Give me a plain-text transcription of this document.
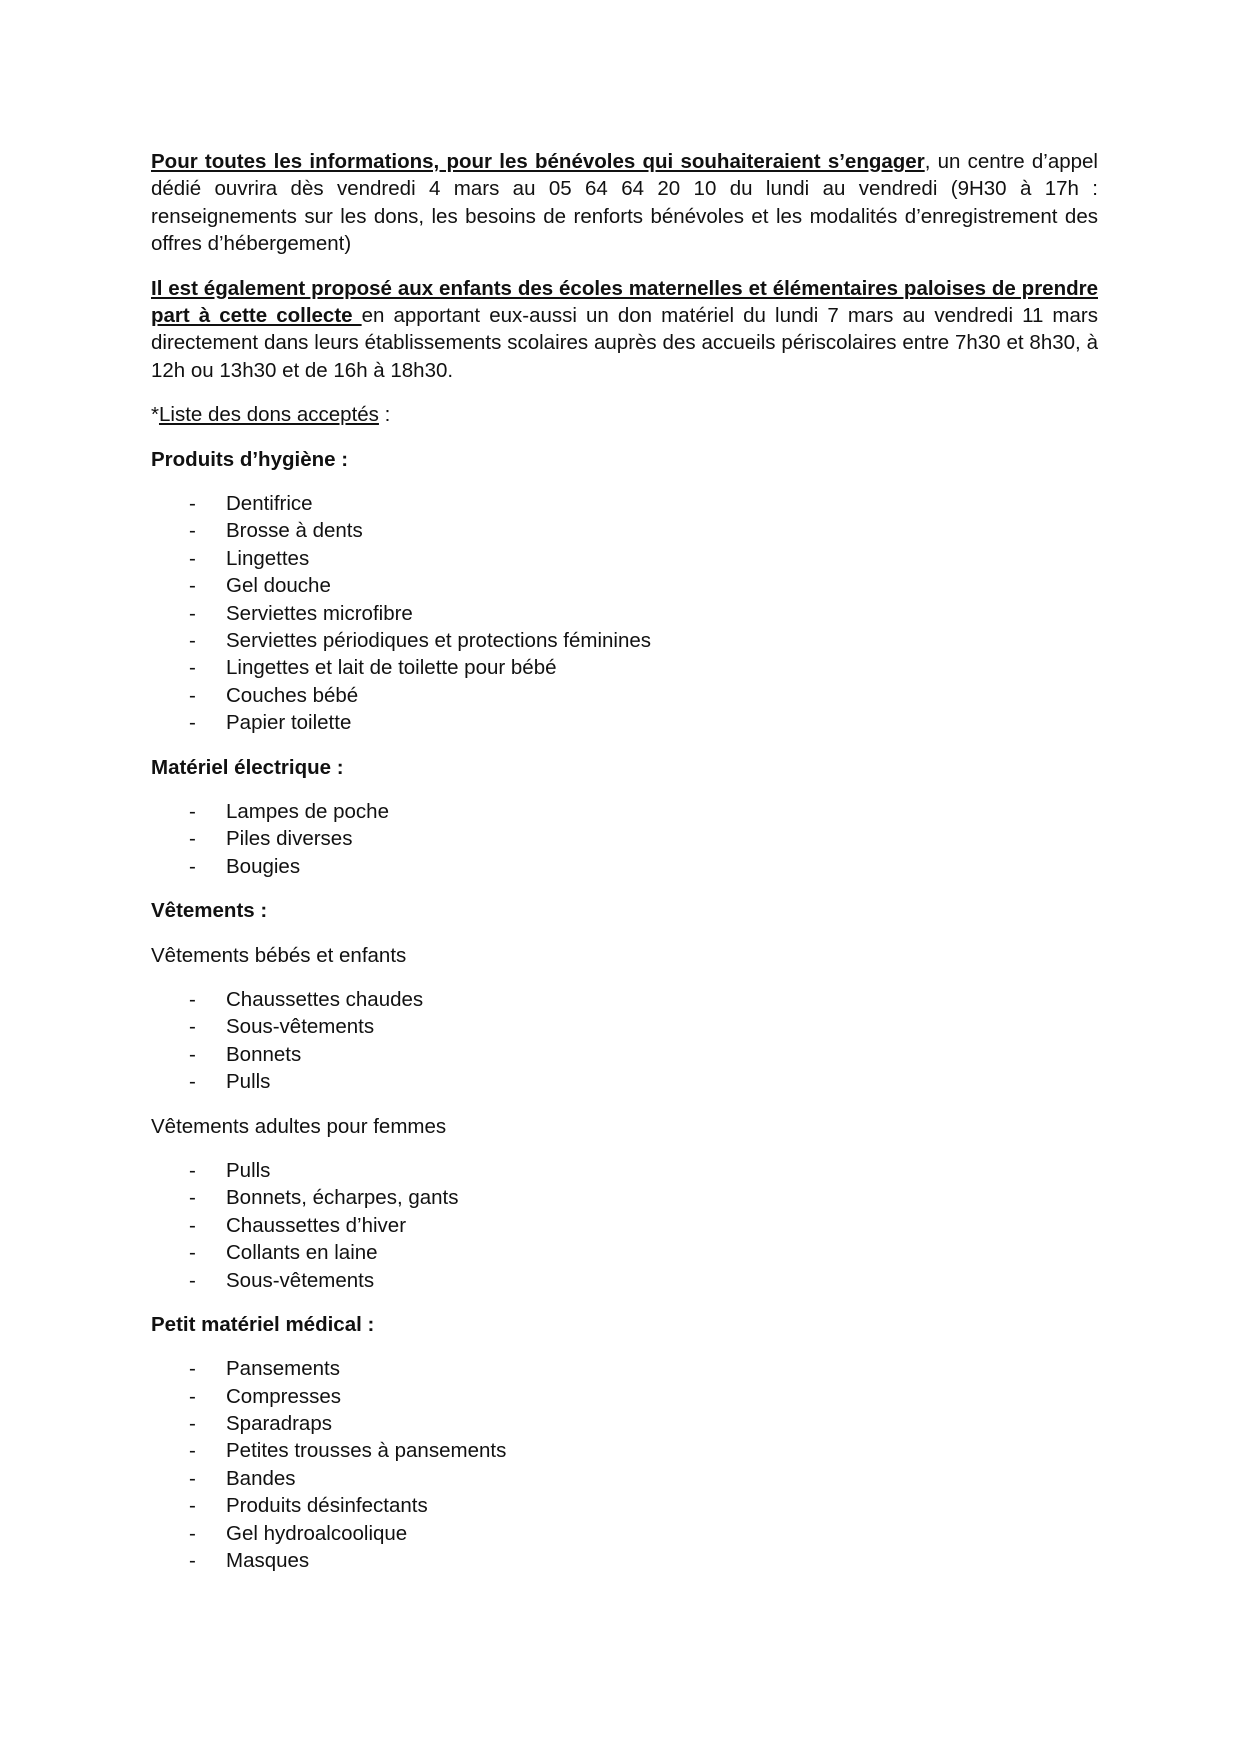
Pour toutes les informations, pour les bénévoles qui souhaiteraient s’engager, un centre d’appel dédié ouvrira dès vendredi 4 mars au 05 64 64 20 10 du lundi au vendredi (9H30 à 17h : renseignements sur les dons, les besoins de renforts bénévoles et les modalités d’enregistrement des offres d’hébergement)

Il est également proposé aux enfants des écoles maternelles et élémentaires paloises de prendre part à cette collecte en apportant eux-aussi un don matériel du lundi 7 mars au vendredi 11 mars directement dans leurs établissements scolaires auprès des accueils périscolaires entre 7h30 et 8h30, à 12h ou 13h30 et de 16h à 18h30.

*Liste des dons acceptés :

Produits d’hygiène :

- Dentifrice
- Brosse à dents
- Lingettes
- Gel douche
- Serviettes microfibre
- Serviettes périodiques et protections féminines
- Lingettes et lait de toilette pour bébé
- Couches bébé
- Papier toilette

Matériel électrique :

- Lampes de poche
- Piles diverses
- Bougies

Vêtements :

Vêtements bébés et enfants

- Chaussettes chaudes
- Sous-vêtements
- Bonnets
- Pulls

Vêtements adultes pour femmes

- Pulls
- Bonnets, écharpes, gants
- Chaussettes d’hiver
- Collants en laine
- Sous-vêtements

Petit matériel médical :

- Pansements
- Compresses
- Sparadraps
- Petites trousses à pansements
- Bandes
- Produits désinfectants
- Gel hydroalcoolique
- Masques
